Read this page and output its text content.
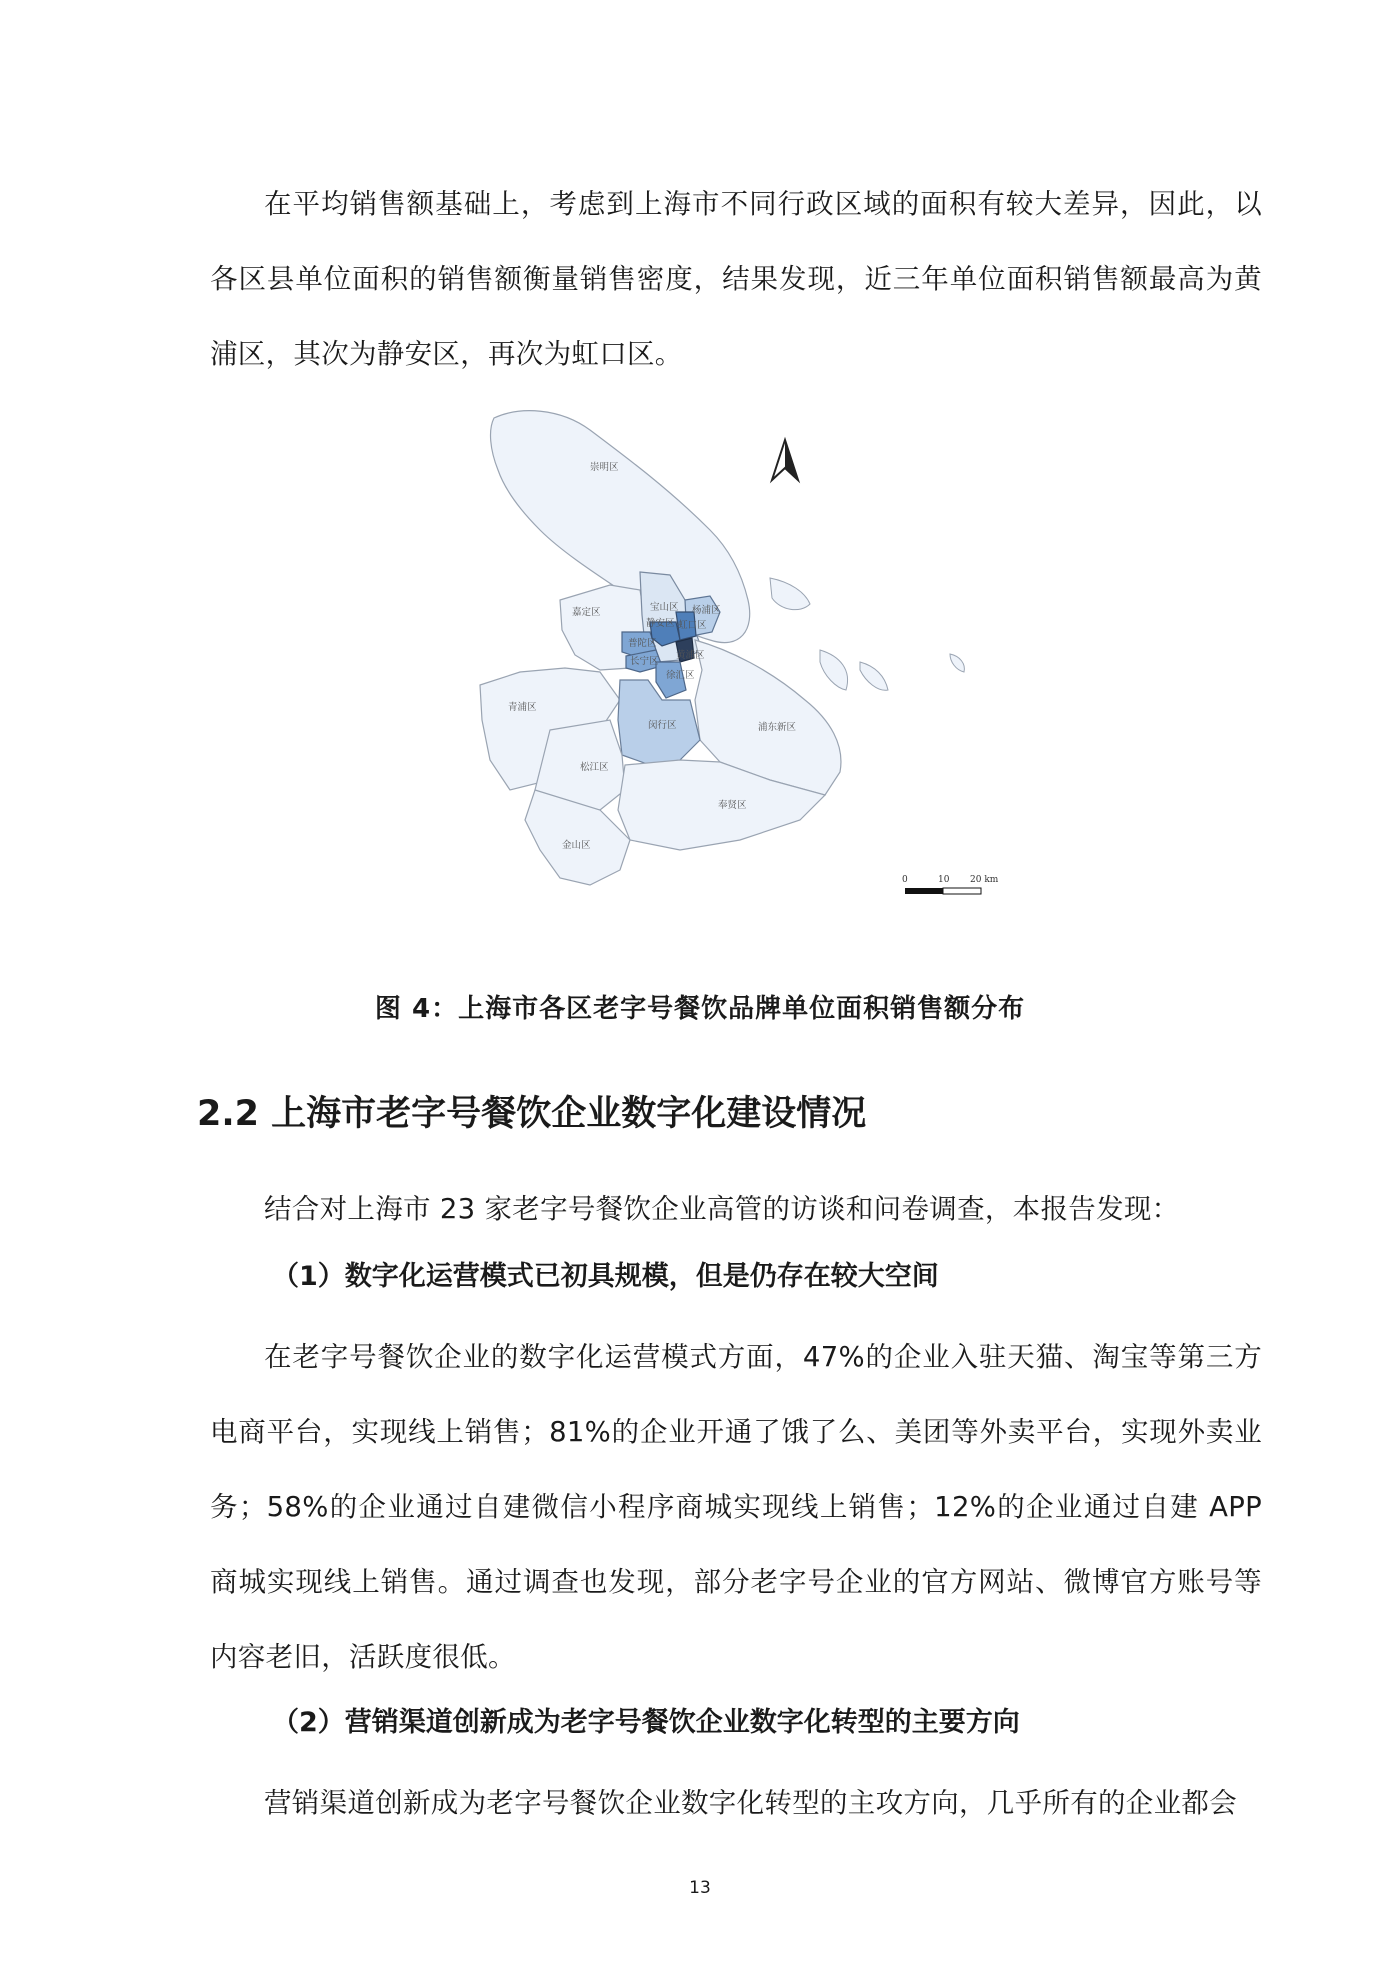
在平均销售额基础上，考虑到上海市不同行政区域的面积有较大差异，因此，以各区县单位面积的销售额衡量销售密度，结果发现，近三年单位面积销售额最高为黄浦区，其次为静安区，再次为虹口区。
崇明区
宝山区
嘉定区	杨浦区
虹口区
静安区
普陀区
长宁区
黄浦区
徐汇区
青浦区
闵行区	浦东新区
松江区
奉贤区
金山区
0	10 20 km
图 4：上海市各区老字号餐饮品牌单位面积销售额分布
2.2 上海市老字号餐饮企业数字化建设情况
结合对上海市 23 家老字号餐饮企业高管的访谈和问卷调查，本报告发现：
（1）数字化运营模式已初具规模，但是仍存在较大空间
在老字号餐饮企业的数字化运营模式方面，47%的企业入驻天猫、淘宝等第三方电商平台，实现线上销售；81%的企业开通了饿了么、美团等外卖平台，实现外卖业务；58%的企业通过自建微信小程序商城实现线上销售；12%的企业通过自建 APP 商城实现线上销售。通过调查也发现，部分老字号企业的官方网站、微博官方账号等内容老旧，活跃度很低。
（2）营销渠道创新成为老字号餐饮企业数字化转型的主要方向
营销渠道创新成为老字号餐饮企业数字化转型的主攻方向，几乎所有的企业都会
13
